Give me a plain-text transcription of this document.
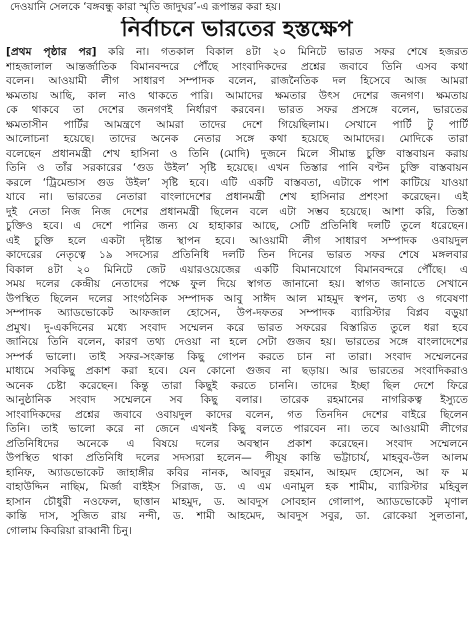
দেওয়ানি সেলকে ‘বঙ্গবন্ধু কারা স্মৃতি জাদুঘর’-এ রূপান্তর করা হয়।
নির্বাচনে ভারতের হস্তক্ষেপ
[প্রথম পৃষ্ঠার পর] করি না। গতকাল বিকাল ৪টা ২০ মিনিটে ভারত সফর শেষে হজরত
শাহজালাল আন্তর্জাতিক বিমানবন্দরে পৌঁছে সাংবাদিকদের প্রশ্নের জবাবে তিনি এসব কথা
বলেন। আওয়ামী লীগ সাধারণ সম্পাদক বলেন, রাজনৈতিক দল হিসেবে আজ আমরা
ক্ষমতায় আছি, কাল নাও থাকতে পারি। আমাদের ক্ষমতার উৎস দেশের জনগণ। ক্ষমতায়
কে থাকবে তা দেশের জনগণই নির্ধারণ করবেন। ভারত সফর প্রসঙ্গে বলেন, ভারতের
ক্ষমতাসীন পার্টির আমন্ত্রণে আমরা তাদের দেশে গিয়েছিলাম। সেখানে পার্টি টু পার্টি
আলোচনা হয়েছে। তাদের অনেক নেতার সঙ্গে কথা হয়েছে আমাদের। মোদিকে তারা
বলেছেন প্রধানমন্ত্রী শেখ হাসিনা ও তিনি (মোদি) দুজনে মিলে সীমান্ত চুক্তি বাস্তবায়ন করায়
তিনি ও তাঁর সরকারের ‘গুড উইল’ সৃষ্টি হয়েছে। এখন তিস্তার পানি বণ্টন চুক্তি বাস্তবায়ন
করলে ‘ট্রিমেন্ডাস গুড উইল’ সৃষ্টি হবে। এটি একটি বাস্তবতা, এটাকে পাশ কাটিয়ে যাওয়া
যাবে না। ভারতের নেতারা বাংলাদেশের প্রধানমন্ত্রী শেখ হাসিনার প্রশংসা করেছেন। এই
দুই নেতা নিজ নিজ দেশের প্রধানমন্ত্রী ছিলেন বলে এটা সম্ভব হয়েছে। আশা করি, তিস্তা
চুক্তিও হবে। এ দেশে পানির জন্য যে হাহাকার আছে, সেটি প্রতিনিধি দলটি তুলে ধরেছেন।
এই চুক্তি হলে একটা দৃষ্টান্ত স্থাপন হবে। আওয়ামী লীগ সাধারণ সম্পাদক ওবায়দুল
কাদেরের নেতৃত্বে ১৯ সদস্যের প্রতিনিধি দলটি তিন দিনের ভারত সফর শেষে মঙ্গলবার
বিকাল ৪টা ২০ মিনিটে জেট এয়ারওয়েজের একটি বিমানযোগে বিমানবন্দরে পৌঁছে। এ
সময় দলের কেন্দ্রীয় নেতাদের পক্ষে ফুল দিয়ে স্বাগত জানানো হয়। স্বাগত জানাতে সেখানে
উপস্থিত ছিলেন দলের সাংগঠনিক সম্পাদক আবু সাঈদ আল মাহমুদ স্বপন, তথ্য ও গবেষণা
সম্পাদক অ্যাডভোকেট আফজাল হোসেন, উপ-দফতর সম্পাদক ব্যারিস্টার বিপ্লব বড়ুয়া
প্রমুখ। দু-একদিনের মধ্যে সংবাদ সম্মেলন করে ভারত সফরের বিস্তারিত তুলে ধরা হবে
জানিয়ে তিনি বলেন, কারণ তথ্য দেওয়া না হলে সেটা গুজব হয়। ভারতের সঙ্গে বাংলাদেশের
সম্পর্ক ভালো। তাই সফর-সংক্রান্ত কিছু গোপন করতে চান না তারা। সংবাদ সম্মেলনের
মাধ্যমে সবকিছু প্রকাশ করা হবে। যেন কোনো গুজব না ছড়ায়। আর ভারতের সংবাদিকরাও
অনেক চেষ্টা করেছেন। কিন্তু তারা কিছুই করতে চাননি। তাদের ইচ্ছা ছিল দেশে ফিরে
আনুষ্ঠানিক সংবাদ সম্মেলনে সব কিছু বলার। তারেক রহমানের নাগরিকত্ব ইস্যুতে
সাংবাদিকদের প্রশ্নের জবাবে ওবায়দুল কাদের বলেন, গত তিনদিন দেশের বাইরে ছিলেন
তিনি। তাই ভালো করে না জেনে এখনই কিছু বলতে পারবেন না। তবে আওয়ামী লীগের
প্রতিনিধিদের অনেকে এ বিষয়ে দলের অবস্থান প্রকাশ করেছেন। সংবাদ সম্মেলনে
উপস্থিত থাকা প্রতিনিধি দলের সদস্যরা হলেন— পীযূষ কান্তি ভট্টাচার্য, মাহবুব-উল আলম
হানিফ, অ্যাডভোকেট জাহাঙ্গীর কবির নানক, আবদুর রহমান, আহমদ হোসেন, আ ফ ম
বাহাউদ্দিন নাছিম, মির্জা বাইইস সিরাজ, ড. এ এম এনামুল হক শামীম, ব্যারিস্টার মহিবুল
হাসান চৌধুরী নওফেল, ছাত্তান মাহমুদ, ড. আবদুস সোবহান গোলাপ, অ্যাডভোকেট মৃণাল
কান্তি দাস, সুজিত রায় নন্দী, ড. শামী আহমেদ, আবদুস সবুর, ডা. রোকেয়া সুলতানা,
গোলাম কিবরিয়া রাব্বানী চিনু।
